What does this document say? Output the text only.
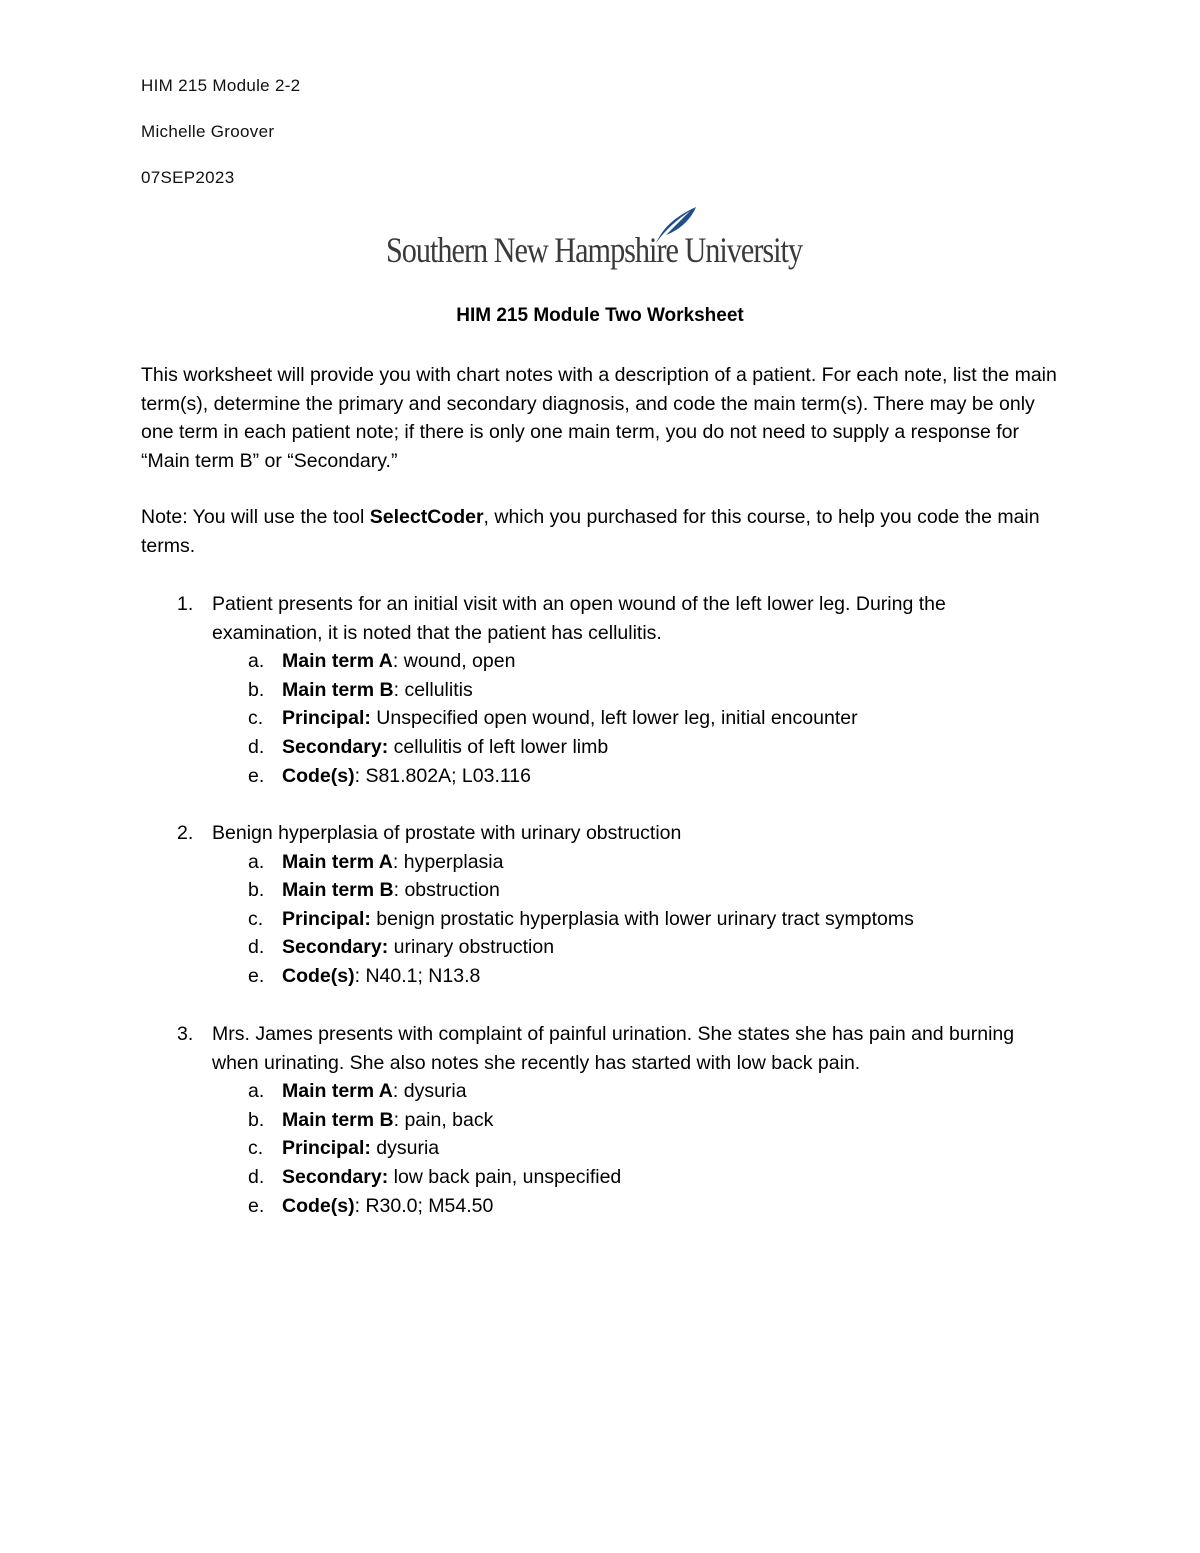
HIM 215 Module 2-2
Michelle Groover
07SEP2023
Southern New Hampshire University
HIM 215 Module Two Worksheet
This worksheet will provide you with chart notes with a description of a patient. For each note, list the main term(s), determine the primary and secondary diagnosis, and code the main term(s). There may be only one term in each patient note; if there is only one main term, you do not need to supply a response for “Main term B” or “Secondary.”
Note: You will use the tool SelectCoder, which you purchased for this course, to help you code the main terms.
1. Patient presents for an initial visit with an open wound of the left lower leg. During the examination, it is noted that the patient has cellulitis.
a. Main term A: wound, open
b. Main term B: cellulitis
c. Principal: Unspecified open wound, left lower leg, initial encounter
d. Secondary: cellulitis of left lower limb
e. Code(s): S81.802A; L03.116
2. Benign hyperplasia of prostate with urinary obstruction
a. Main term A: hyperplasia
b. Main term B: obstruction
c. Principal: benign prostatic hyperplasia with lower urinary tract symptoms
d. Secondary: urinary obstruction
e. Code(s): N40.1; N13.8
3. Mrs. James presents with complaint of painful urination. She states she has pain and burning when urinating. She also notes she recently has started with low back pain.
a. Main term A: dysuria
b. Main term B: pain, back
c. Principal: dysuria
d. Secondary: low back pain, unspecified
e. Code(s): R30.0; M54.50
